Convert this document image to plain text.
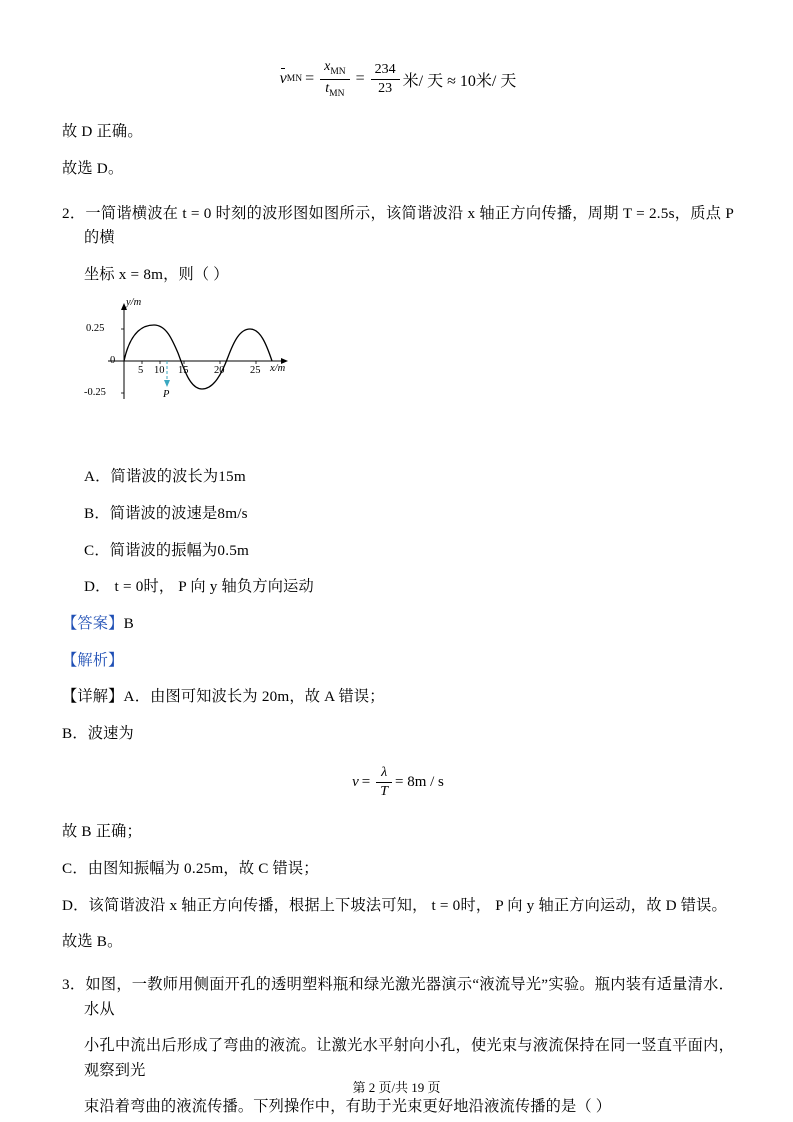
v MN = $\frac{x_{MN}}{t_{MN}} = \frac{234}{23}$ 米/ 天 ≈ 10米/ 天

故 D 正确。

故选 D。

2．一简谐横波在 t = 0 时刻的波形图如图所示，该简谐波沿 x 轴正方向传播，周期 T = 2.5s，质点 P 的横

坐标 x = 8m，则（ ）

y/m
0.25
0
-0.25
5 10 15 20 25 x/m
P

A．简谐波的波长为15m

B．简谐波的波速是8m/s

C．简谐波的振幅为0.5m

D． t = 0时， P 向 y 轴负方向运动

【答案】B

【解析】

【详解】A．由图可知波长为 20m，故 A 错误；

B．波速为

$v = \frac{\lambda}{T} = 8m / s$

故 B 正确；

C．由图知振幅为 0.25m，故 C 错误；

D．该简谐波沿 x 轴正方向传播，根据上下坡法可知， t = 0时， P 向 y 轴正方向运动，故 D 错误。

故选 B。

3．如图，一教师用侧面开孔的透明塑料瓶和绿光激光器演示“液流导光”实验。瓶内装有适量清水．水从

小孔中流出后形成了弯曲的液流。让激光水平射向小孔，使光束与液流保持在同一竖直平面内，观察到光

束沿着弯曲的液流传播。下列操作中，有助于光束更好地沿液流传播的是（ ）

第 2 页/共 19 页
